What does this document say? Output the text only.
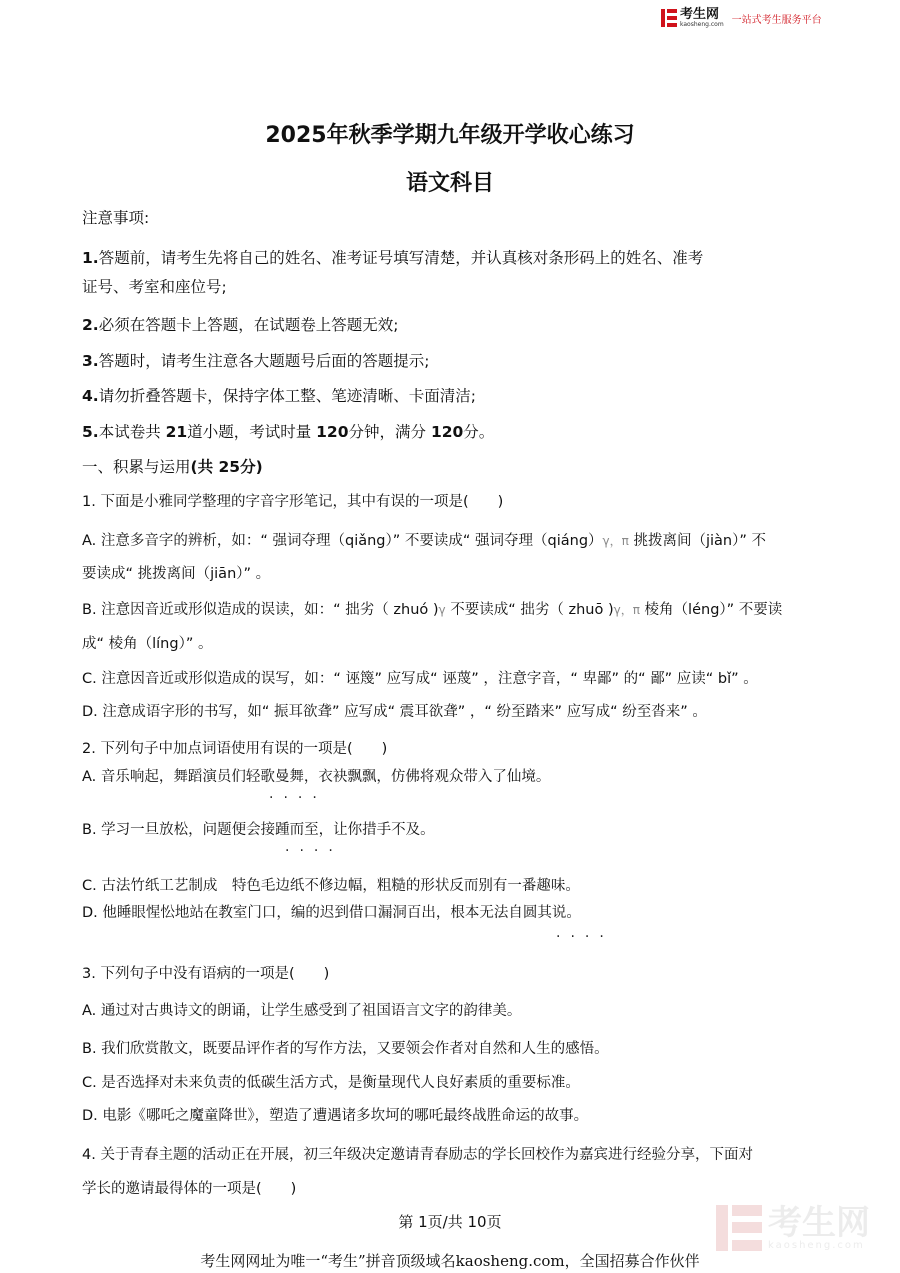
考生网
kaosheng.com 一站式考生服务平台
2025年秋季学期九年级开学收心练习
语文科目
注意事项:
1.答题前，请考生先将自己的姓名、准考证号填写清楚，并认真核对条形码上的姓名、准考
证号、考室和座位号;
2.必须在答题卡上答题，在试题卷上答题无效;
3.答题时，请考生注意各大题题号后面的答题提示;
4.请勿折叠答题卡，保持字体工整、笔迹清晰、卡面清洁;
5.本试卷共 21道小题，考试时量 120分钟，满分 120分。
一、积累与运用(共 25分)
1. 下面是小雅同学整理的字音字形笔记，其中有误的一项是(　　)
A. 注意多音字的辨析，如：“ 强词夺理（qiǎng）” 不要读成“ 强词夺理（qiáng）γ，π 挑拨离间（jiàn）” 不
要读成“ 挑拨离间（jiān）” 。
B. 注意因音近或形似造成的误读，如：“ 拙劣（ zhuó )γ 不要读成“ 拙劣（ zhuō )γ，π 棱角（léng）” 不要读
成“ 棱角（líng）” 。
C. 注意因音近或形似造成的误写，如：“ 诬篾” 应写成“ 诬蔑” ，注意字音，“ 卑鄙” 的“ 鄙” 应读“ bǐ” 。
D. 注意成语字形的书写，如“ 振耳欲聋” 应写成“ 震耳欲聋” ，“ 纷至踏来” 应写成“ 纷至沓来” 。
2. 下列句子中加点词语使用有误的一项是(　　)
A. 音乐响起，舞蹈演员们轻歌曼舞，衣袂飘飘，仿佛将观众带入了仙境。
····
B. 学习一旦放松，问题便会接踵而至，让你措手不及。
····
C. 古法竹纸工艺制成　特色毛边纸不修边幅，粗糙的形状反而别有一番趣味。
D. 他睡眼惺忪地站在教室门口，编的迟到借口漏洞百出，根本无法自圆其说。
····
3. 下列句子中没有语病的一项是(　　)
A. 通过对古典诗文的朗诵，让学生感受到了祖国语言文字的韵律美。
B. 我们欣赏散文，既要品评作者的写作方法，又要领会作者对自然和人生的感悟。
C. 是否选择对未来负责的低碳生活方式，是衡量现代人良好素质的重要标准。
D. 电影《哪吒之魔童降世》，塑造了遭遇诸多坎坷的哪吒最终战胜命运的故事。
4. 关于青春主题的活动正在开展，初三年级决定邀请青春励志的学长回校作为嘉宾进行经验分享，下面对
学长的邀请最得体的一项是(　　)
第 1页/共 10页
考生网网址为唯一“考生”拼音顶级域名kaosheng.com，全国招募合作伙伴
考生网
kaosheng.com
